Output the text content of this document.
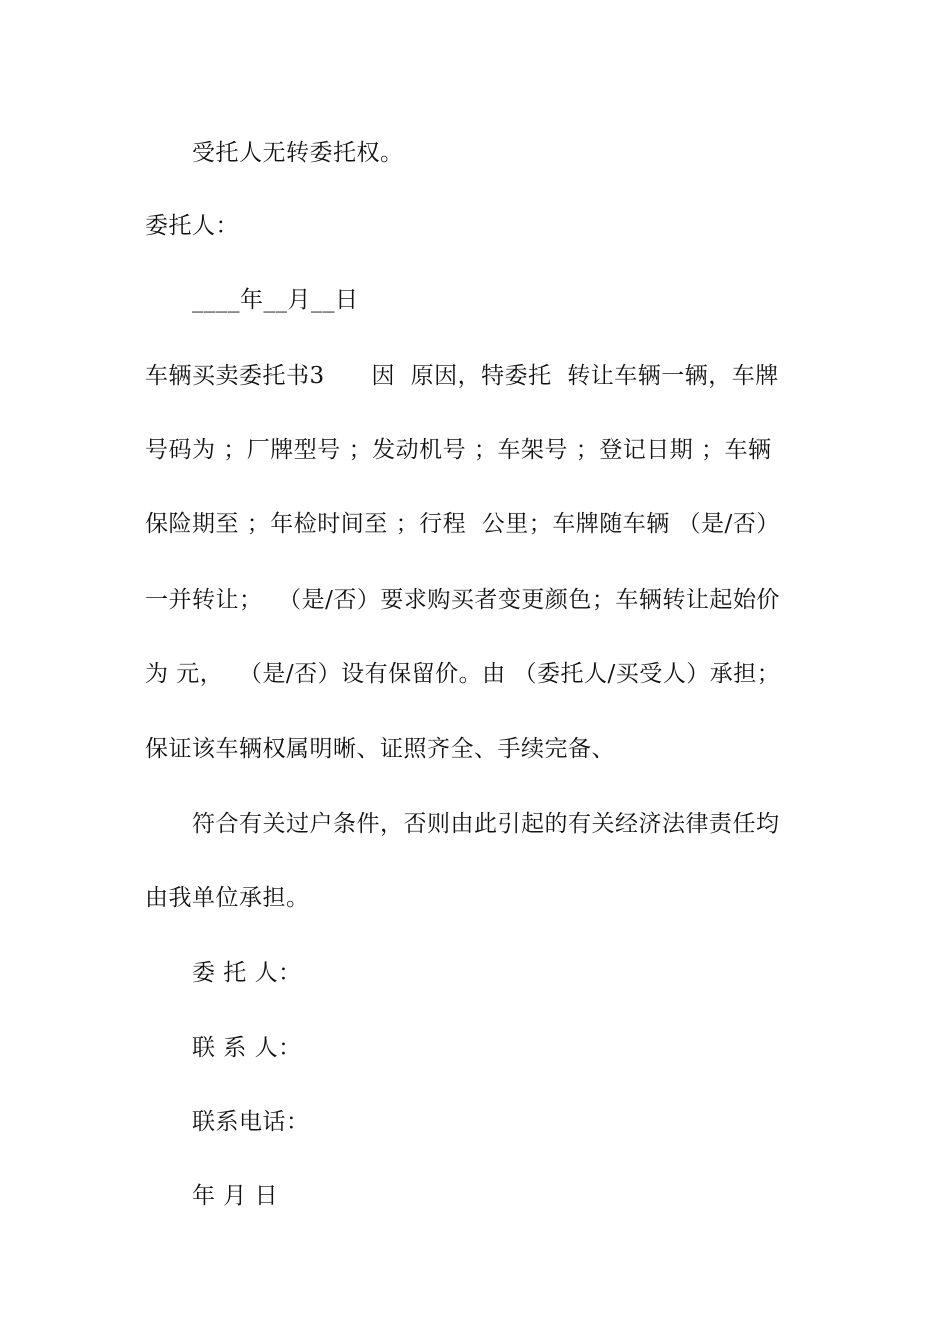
受托人无转委托权。
委托人：
____年__月__日
车辆买卖委托书3      因  原因，特委托  转让车辆一辆，车牌
号码为 ；厂牌型号 ；发动机号 ；车架号 ；登记日期 ；车辆
保险期至 ；年检时间至 ；行程  公里；车牌随车辆 （是/否）
一并转让；  （是/否）要求购买者变更颜色；车辆转让起始价
为 元，  （是/否）设有保留价。由 （委托人/买受人）承担；
保证该车辆权属明晰、证照齐全、手续完备、
符合有关过户条件，否则由此引起的有关经济法律责任均
由我单位承担。
委 托 人：
联 系 人：
联系电话：
年 月 日
